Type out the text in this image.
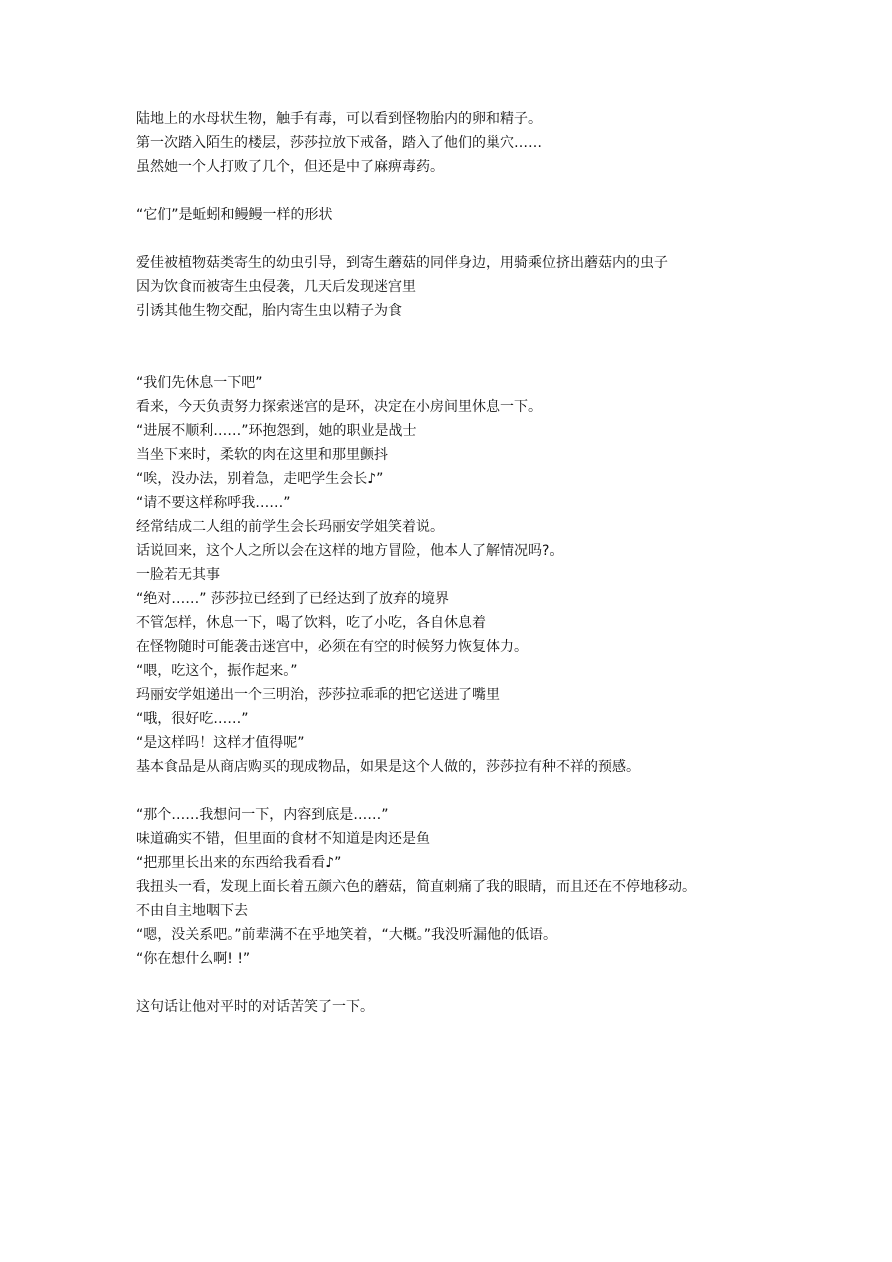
陆地上的水母状生物，触手有毒，可以看到怪物胎内的卵和精子。
第一次踏入陌生的楼层，莎莎拉放下戒备，踏入了他们的巢穴……
虽然她一个人打败了几个，但还是中了麻痹毒药。
“它们”是蚯蚓和鳗鳗一样的形状
爱佳被植物菇类寄生的幼虫引导，到寄生蘑菇的同伴身边，用骑乘位挤出蘑菇内的虫子
因为饮食而被寄生虫侵袭，几天后发现迷宫里
引诱其他生物交配，胎内寄生虫以精子为食
“我们先休息一下吧”
看来，今天负责努力探索迷宫的是环，决定在小房间里休息一下。
“进展不顺利……”环抱怨到，她的职业是战士
当坐下来时，柔软的肉在这里和那里颤抖
“唉，没办法，别着急，走吧学生会长♪”
“请不要这样称呼我……”
经常结成二人组的前学生会长玛丽安学姐笑着说。
话说回来，这个人之所以会在这样的地方冒险，他本人了解情况吗?。
一脸若无其事
“绝对……” 莎莎拉已经到了已经达到了放弃的境界
不管怎样，休息一下，喝了饮料，吃了小吃，各自休息着
在怪物随时可能袭击迷宫中，必须在有空的时候努力恢复体力。
“喂，吃这个，振作起来。”
玛丽安学姐递出一个三明治，莎莎拉乖乖的把它送进了嘴里
“哦，很好吃……”
“是这样吗！这样才值得呢”
基本食品是从商店购买的现成物品，如果是这个人做的，莎莎拉有种不祥的预感。
“那个……我想问一下，内容到底是……”
味道确实不错，但里面的食材不知道是肉还是鱼
“把那里长出来的东西给我看看♪”
我扭头一看，发现上面长着五颜六色的蘑菇，简直刺痛了我的眼睛，而且还在不停地移动。
不由自主地咽下去
“嗯，没关系吧。”前辈满不在乎地笑着，“大概。”我没听漏他的低语。
“你在想什么啊! !”
这句话让他对平时的对话苦笑了一下。
